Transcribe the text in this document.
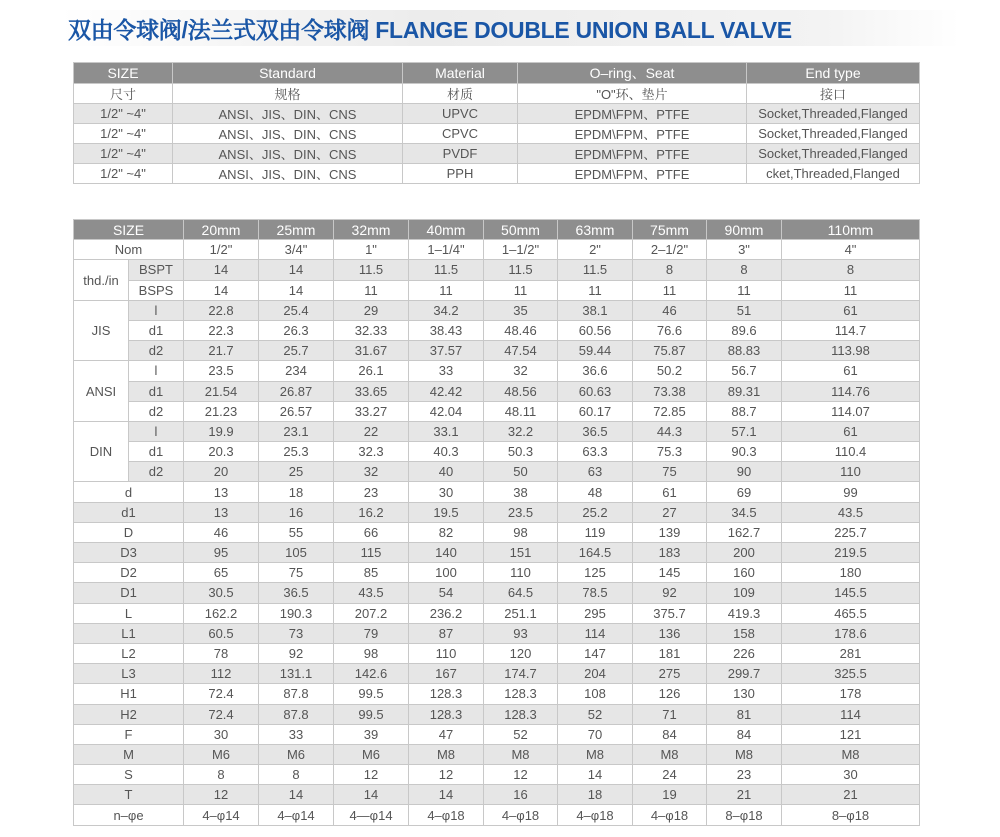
双由令球阀/法兰式双由令球阀 FLANGE DOUBLE UNION BALL VALVE
SIZE	Standard	Material	O–ring、Seat	End type
尺寸	规格	材质	"O"环、垫片	接口
1/2" ~4"	ANSI、JIS、DIN、CNS	UPVC	EPDM\FPM、PTFE	Socket,Threaded,Flanged
1/2" ~4"	ANSI、JIS、DIN、CNS	CPVC	EPDM\FPM、PTFE	Socket,Threaded,Flanged
1/2" ~4"	ANSI、JIS、DIN、CNS	PVDF	EPDM\FPM、PTFE	Socket,Threaded,Flanged
1/2" ~4"	ANSI、JIS、DIN、CNS	PPH	EPDM\FPM、PTFE	cket,Threaded,Flanged
SIZE		20mm	25mm	32mm	40mm	50mm	63mm	75mm	90mm	110mm
Nom		1/2"	3/4"	1"	1–1/4"	1–1/2"	2"	2–1/2"	3"	4"
thd./in	BSPT	14	14	11.5	11.5	11.5	11.5	8	8	8
	BSPS	14	14	11	11	11	11	11	11	11
JIS	l	22.8	25.4	29	34.2	35	38.1	46	51	61
	d1	22.3	26.3	32.33	38.43	48.46	60.56	76.6	89.6	114.7
	d2	21.7	25.7	31.67	37.57	47.54	59.44	75.87	88.83	113.98
ANSI	l	23.5	234	26.1	33	32	36.6	50.2	56.7	61
	d1	21.54	26.87	33.65	42.42	48.56	60.63	73.38	89.31	114.76
	d2	21.23	26.57	33.27	42.04	48.11	60.17	72.85	88.7	114.07
DIN	l	19.9	23.1	22	33.1	32.2	36.5	44.3	57.1	61
	d1	20.3	25.3	32.3	40.3	50.3	63.3	75.3	90.3	110.4
	d2	20	25	32	40	50	63	75	90	110
d		13	18	23	30	38	48	61	69	99
d1		13	16	16.2	19.5	23.5	25.2	27	34.5	43.5
D		46	55	66	82	98	119	139	162.7	225.7
D3		95	105	115	140	151	164.5	183	200	219.5
D2		65	75	85	100	110	125	145	160	180
D1		30.5	36.5	43.5	54	64.5	78.5	92	109	145.5
L		162.2	190.3	207.2	236.2	251.1	295	375.7	419.3	465.5
L1		60.5	73	79	87	93	114	136	158	178.6
L2		78	92	98	110	120	147	181	226	281
L3		112	131.1	142.6	167	174.7	204	275	299.7	325.5
H1		72.4	87.8	99.5	128.3	128.3	108	126	130	178
H2		72.4	87.8	99.5	128.3	128.3	52	71	81	114
F		30	33	39	47	52	70	84	84	121
M		M6	M6	M6	M8	M8	M8	M8	M8	M8
S		8	8	12	12	12	14	24	23	30
T		12	14	14	14	16	18	19	21	21
n–φe		4–φ14	4–φ14	4—φ14	4–φ18	4–φ18	4–φ18	4–φ18	8–φ18	8–φ18
